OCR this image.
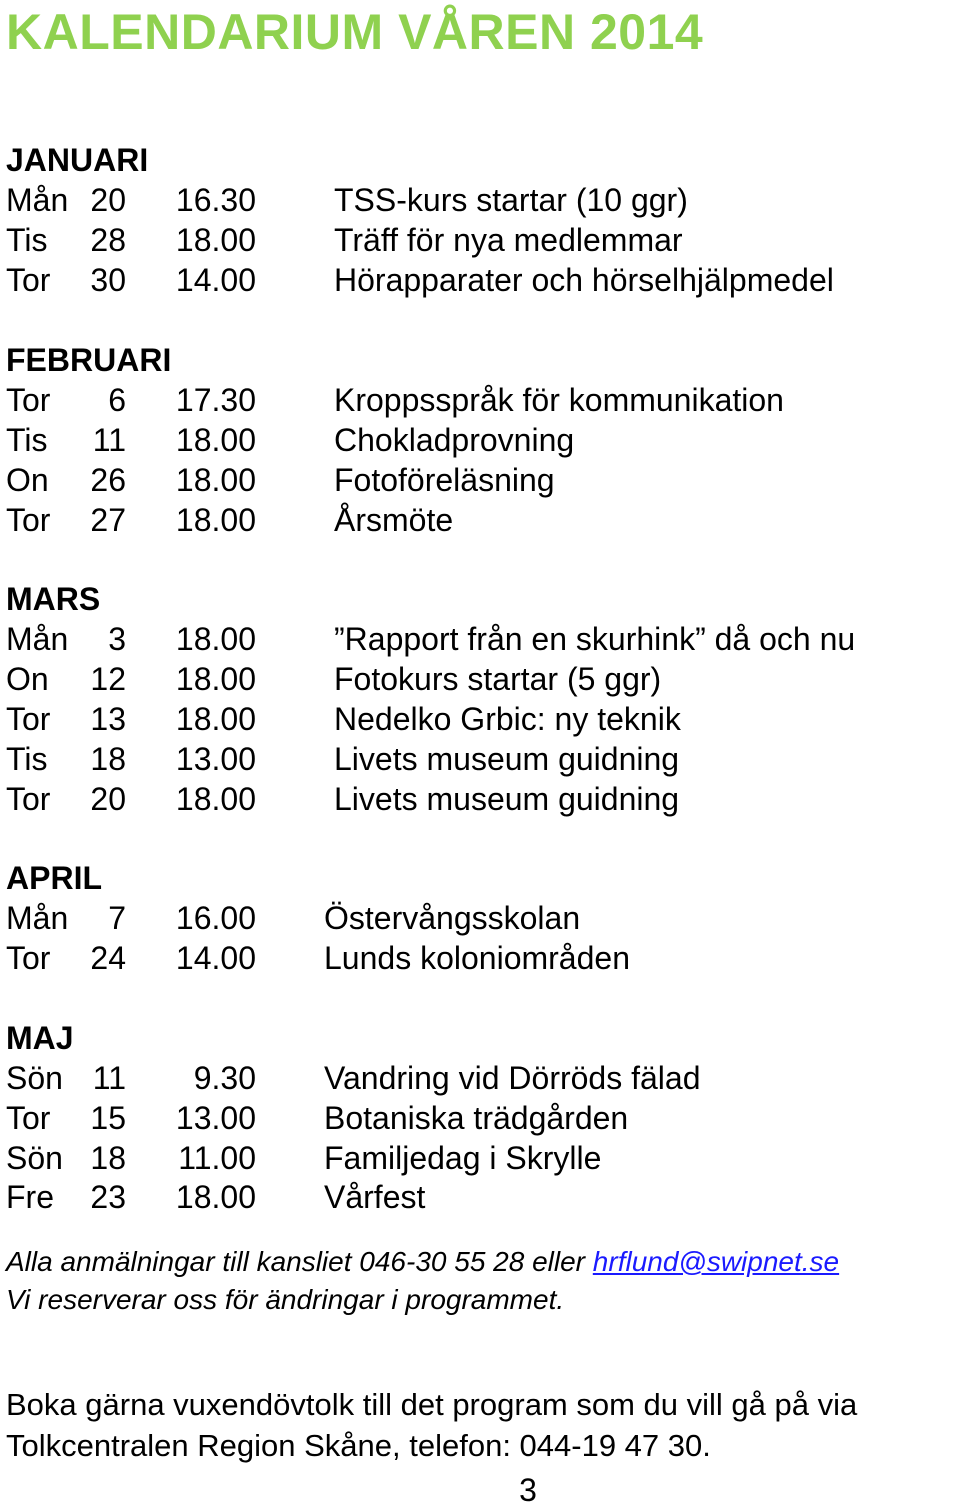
KALENDARIUM VÅREN 2014
JANUARI
Mån 20	16.30 TSS-kurs startar (10 ggr)
Tis 28	18.00 Träff för nya medlemmar
Tor 30	14.00 Hörapparater och hörselhjälpmedel
FEBRUARI
Tor	6	17.30 Kroppsspråk för kommunikation
Tis 11	18.00 Chokladprovning
On 26	18.00 Fotoföreläsning
Tor 27	18.00 Årsmöte
MARS
Mån	3	18.00 ”Rapport från en skurhink” då och nu
On 12	18.00 Fotokurs startar (5 ggr)
Tor 13	18.00 Nedelko Grbic: ny teknik
Tis 18	13.00 Livets museum guidning
Tor 20	18.00 Livets museum guidning
APRIL
Mån	7	16.00 Östervångsskolan
Tor 24	14.00 Lunds koloniområden
MAJ
Sön 11	9.30 Vandring vid Dörröds fälad
Tor 15	13.00 Botaniska trädgården
Sön 18	11.00 Familjedag i Skrylle
Fre 23	18.00 Vårfest

Alla anmälningar till kansliet 046-30 55 28 eller hrflund@swipnet.se

Vi reserverar oss för ändringar i programmet.

Boka gärna vuxendövtolk till det program som du vill gå på via

Tolkcentralen Region Skåne, telefon: 044-19 47 30.

3
